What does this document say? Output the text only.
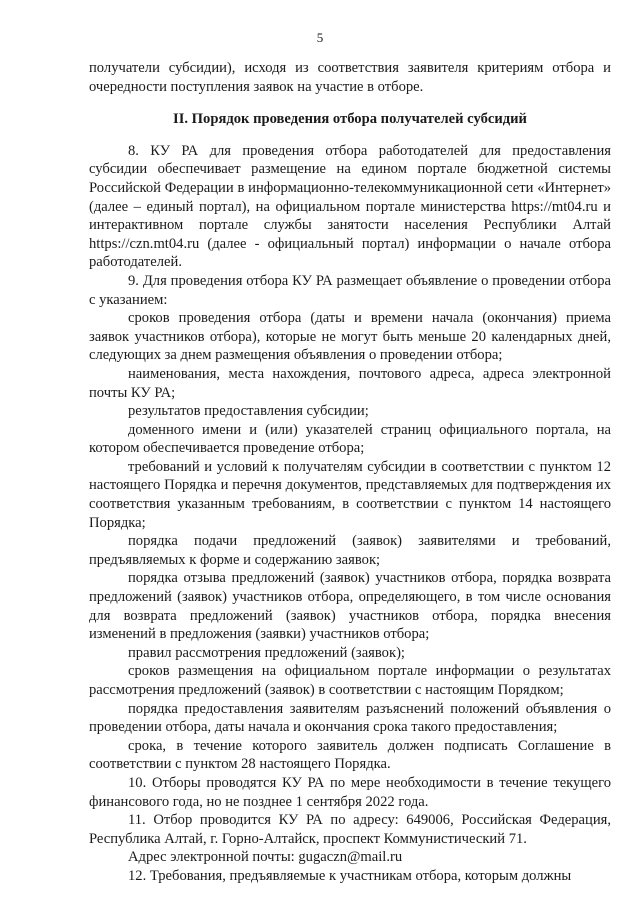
5

получатели субсидии), исходя из соответствия заявителя критериям отбора и очередности поступления заявок на участие в отборе.

II. Порядок проведения отбора получателей субсидий

8. КУ РА для проведения отбора работодателей для предоставления субсидии обеспечивает размещение на едином портале бюджетной системы Российской Федерации в информационно-телекоммуникационной сети «Интернет» (далее – единый портал), на официальном портале министерства https://mt04.ru и интерактивном портале службы занятости населения Республики Алтай https://czn.mt04.ru (далее - официальный портал) информации о начале отбора работодателей.

9. Для проведения отбора КУ РА размещает объявление о проведении отбора с указанием:

сроков проведения отбора (даты и времени начала (окончания) приема заявок участников отбора), которые не могут быть меньше 20 календарных дней, следующих за днем размещения объявления о проведении отбора;

наименования, места нахождения, почтового адреса, адреса электронной почты КУ РА;

результатов предоставления субсидии;

доменного имени и (или) указателей страниц официального портала, на котором обеспечивается проведение отбора;

требований и условий к получателям субсидии в соответствии с пунктом 12 настоящего Порядка и перечня документов, представляемых для подтверждения их соответствия указанным требованиям, в соответствии с пунктом 14 настоящего Порядка;

порядка подачи предложений (заявок) заявителями и требований, предъявляемых к форме и содержанию заявок;

порядка отзыва предложений (заявок) участников отбора, порядка возврата предложений (заявок) участников отбора, определяющего, в том числе основания для возврата предложений (заявок) участников отбора, порядка внесения изменений в предложения (заявки) участников отбора;

правил рассмотрения предложений (заявок);

сроков размещения на официальном портале информации о результатах рассмотрения предложений (заявок) в соответствии с настоящим Порядком;

порядка предоставления заявителям разъяснений положений объявления о проведении отбора, даты начала и окончания срока такого предоставления;

срока, в течение которого заявитель должен подписать Соглашение в соответствии с пунктом 28 настоящего Порядка.

10. Отборы проводятся КУ РА по мере необходимости в течение текущего финансового года, но не позднее 1 сентября 2022 года.

11. Отбор проводится КУ РА по адресу: 649006, Российская Федерация, Республика Алтай, г. Горно-Алтайск, проспект Коммунистический 71.

Адрес электронной почты: gugaczn@mail.ru

12. Требования, предъявляемые к участникам отбора, которым должны
